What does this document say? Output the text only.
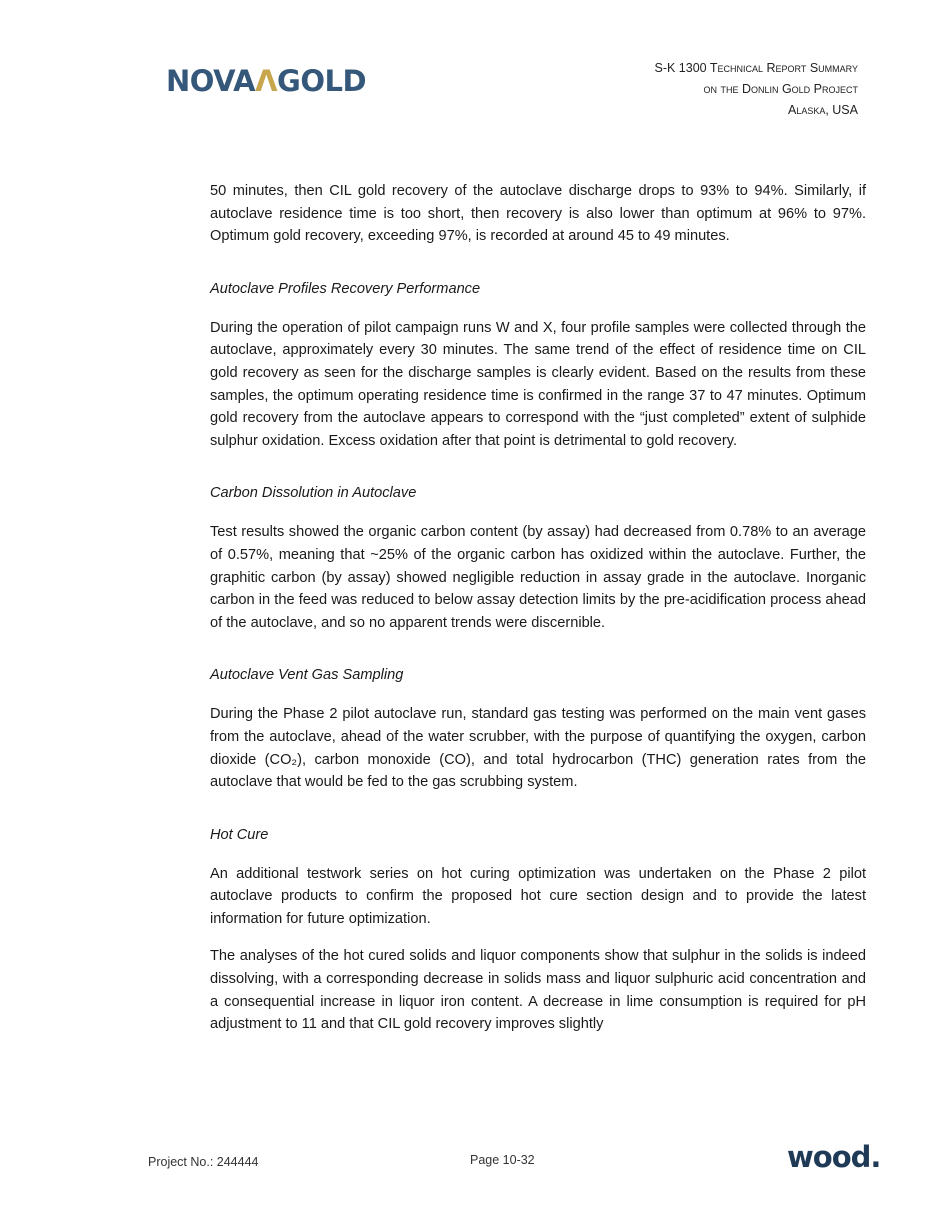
NOVAΛGOLD	S-K 1300 Technical Report Summary
on the Donlin Gold Project
Alaska, USA

50 minutes, then CIL gold recovery of the autoclave discharge drops to 93% to 94%. Similarly, if autoclave residence time is too short, then recovery is also lower than optimum at 96% to 97%. Optimum gold recovery, exceeding 97%, is recorded at around 45 to 49 minutes.

Autoclave Profiles Recovery Performance

During the operation of pilot campaign runs W and X, four profile samples were collected through the autoclave, approximately every 30 minutes. The same trend of the effect of residence time on CIL gold recovery as seen for the discharge samples is clearly evident. Based on the results from these samples, the optimum operating residence time is confirmed in the range 37 to 47 minutes. Optimum gold recovery from the autoclave appears to correspond with the “just completed” extent of sulphide sulphur oxidation. Excess oxidation after that point is detrimental to gold recovery.

Carbon Dissolution in Autoclave

Test results showed the organic carbon content (by assay) had decreased from 0.78% to an average of 0.57%, meaning that ~25% of the organic carbon has oxidized within the autoclave. Further, the graphitic carbon (by assay) showed negligible reduction in assay grade in the autoclave. Inorganic carbon in the feed was reduced to below assay detection limits by the pre-acidification process ahead of the autoclave, and so no apparent trends were discernible.

Autoclave Vent Gas Sampling

During the Phase 2 pilot autoclave run, standard gas testing was performed on the main vent gases from the autoclave, ahead of the water scrubber, with the purpose of quantifying the oxygen, carbon dioxide (CO₂), carbon monoxide (CO), and total hydrocarbon (THC) generation rates from the autoclave that would be fed to the gas scrubbing system.

Hot Cure

An additional testwork series on hot curing optimization was undertaken on the Phase 2 pilot autoclave products to confirm the proposed hot cure section design and to provide the latest information for future optimization.

The analyses of the hot cured solids and liquor components show that sulphur in the solids is indeed dissolving, with a corresponding decrease in solids mass and liquor sulphuric acid concentration and a consequential increase in liquor iron content. A decrease in lime consumption is required for pH adjustment to 11 and that CIL gold recovery improves slightly

Project No.: 244444	Page 10-32	wood.
